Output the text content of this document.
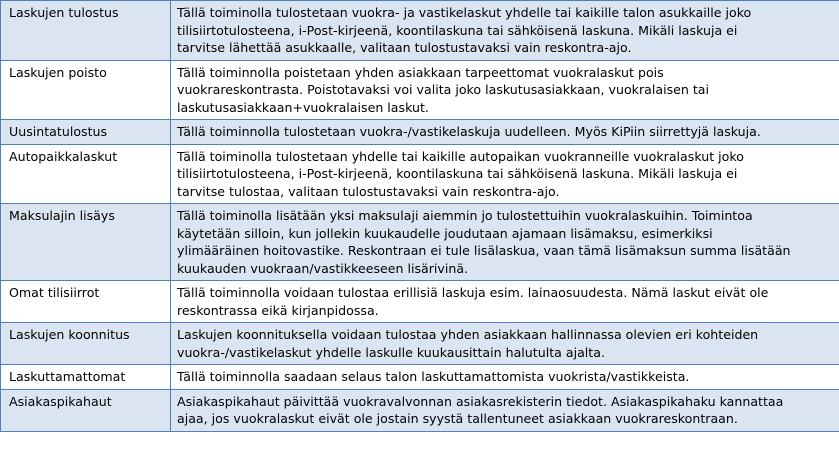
Laskujen tulostus	Tällä toiminolla tulostetaan vuokra- ja vastikelaskut yhdelle tai kaikille talon asukkaille joko
tilisiirtotulosteena, i-Post-kirjeenä, koontilaskuna tai sähköisenä laskuna. Mikäli laskuja ei
tarvitse lähettää asukkaalle, valitaan tulostustavaksi vain reskontra-ajo.

Laskujen poisto	Tällä toiminnolla poistetaan yhden asiakkaan tarpeettomat vuokralaskut pois
vuokrareskontrasta. Poistotavaksi voi valita joko laskutusasiakkaan, vuokralaisen tai
laskutusasiakkaan+vuokralaisen laskut.

Uusintatulostus	Tällä toiminnolla tulostetaan vuokra-/vastikelaskuja uudelleen. Myös KiPiin siirrettyjä laskuja.

Autopaikkalaskut	Tällä toiminolla tulostetaan yhdelle tai kaikille autopaikan vuokranneille vuokralaskut joko
tilisiirtotulosteena, i-Post-kirjeenä, koontilaskuna tai sähköisenä laskuna. Mikäli laskuja ei
tarvitse tulostaa, valitaan tulostustavaksi vain reskontra-ajo.

Maksulajin lisäys	Tällä toiminolla lisätään yksi maksulaji aiemmin jo tulostettuihin vuokralaskuihin. Toimintoa
käytetään silloin, kun jollekin kuukaudelle joudutaan ajamaan lisämaksu, esimerkiksi
ylimääräinen hoitovastike. Reskontraan ei tule lisälaskua, vaan tämä lisämaksun summa lisätään
kuukauden vuokraan/vastikkeeseen lisärivinä.

Omat tilisiirrot	Tällä toiminnolla voidaan tulostaa erillisiä laskuja esim. lainaosuudesta. Nämä laskut eivät ole
reskontrassa eikä kirjanpidossa.

Laskujen koonnitus	Laskujen koonnituksella voidaan tulostaa yhden asiakkaan hallinnassa olevien eri kohteiden
vuokra-/vastikelaskut yhdelle laskulle kuukausittain halutulta ajalta.

Laskuttamattomat	Tällä toiminnolla saadaan selaus talon laskuttamattomista vuokrista/vastikkeista.

Asiakaspikahaut	Asiakaspikahaut päivittää vuokravalvonnan asiakasrekisterin tiedot. Asiakaspikahaku kannattaa
ajaa, jos vuokralaskut eivät ole jostain syystä tallentuneet asiakkaan vuokrareskontraan.
